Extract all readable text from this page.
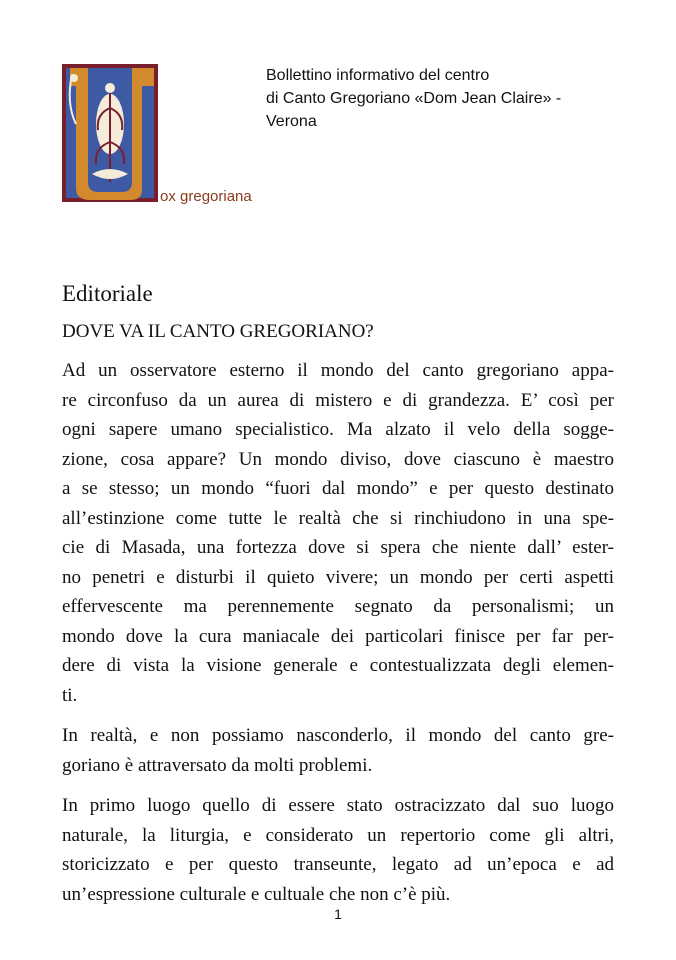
ox gregoriana
Bollettino informativo del centro
di Canto Gregoriano «Dom Jean Claire» -
Verona
Editoriale
DOVE VA IL CANTO GREGORIANO?

Ad un osservatore esterno il mondo del canto gregoriano appa-
re circonfuso da un aurea di mistero e di grandezza. E’ così per
ogni sapere umano specialistico. Ma alzato il velo della sogge-
zione, cosa appare? Un mondo diviso, dove ciascuno è maestro
a se stesso; un mondo “fuori dal mondo” e per questo destinato
all’estinzione come tutte le realtà che si rinchiudono in una spe-
cie di Masada, una fortezza dove si spera che niente dall’ ester-
no penetri e disturbi il quieto vivere; un mondo per certi aspetti
effervescente ma perennemente segnato da personalismi; un
mondo dove la cura maniacale dei particolari finisce per far per-
dere di vista la visione generale e contestualizzata degli elemen-
ti.

In realtà, e non possiamo nasconderlo, il mondo del canto gre-
goriano è attraversato da molti problemi.

In primo luogo quello di essere stato ostracizzato dal suo luogo
naturale, la liturgia, e considerato un repertorio come gli altri,
storicizzato e per questo transeunte, legato ad un’epoca e ad
un’espressione culturale e cultuale che non c’è più.

1
